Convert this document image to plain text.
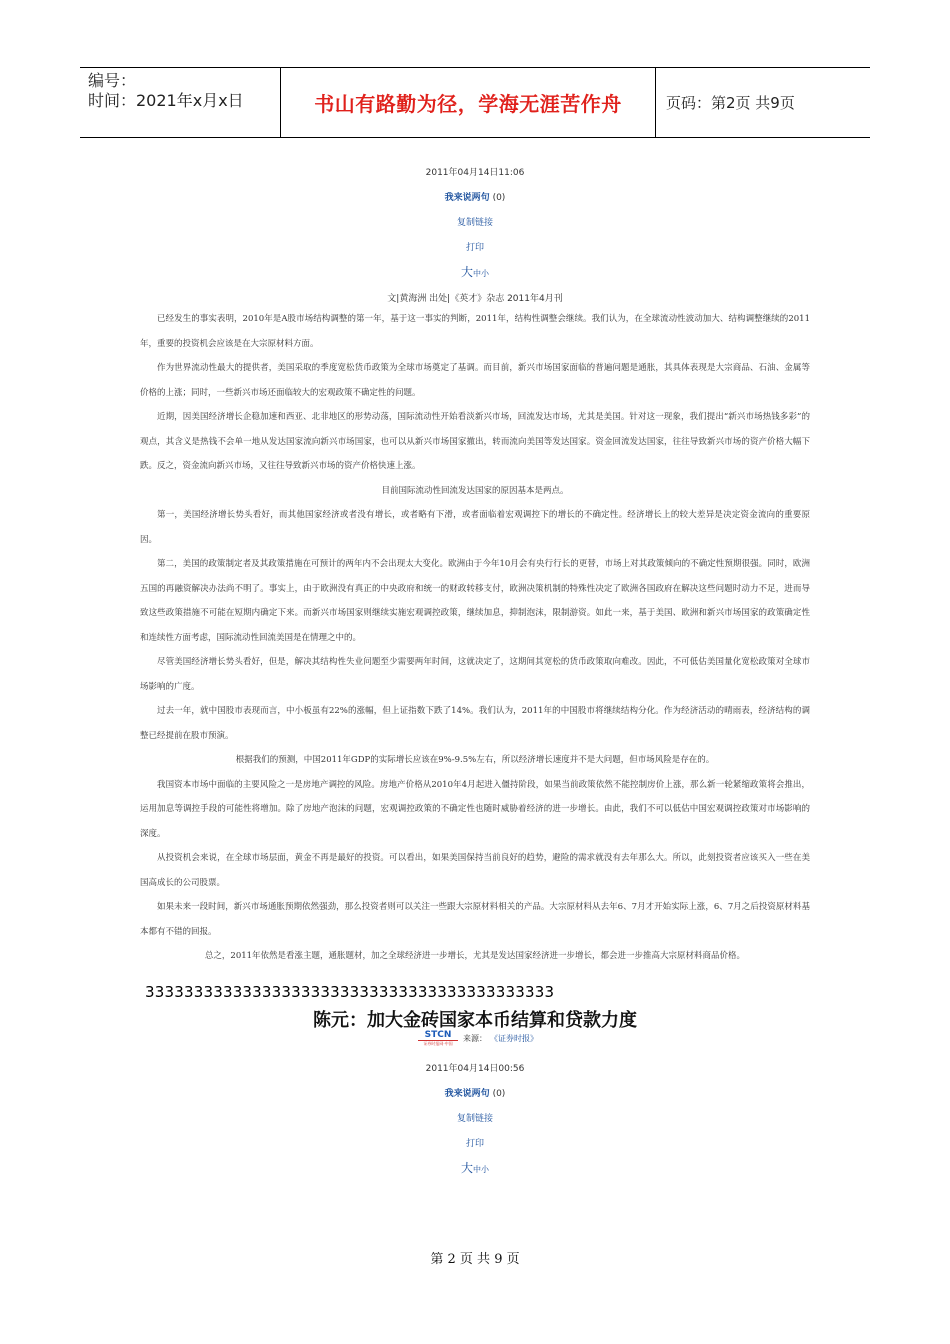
编号：
时间：2021年x月x日	书山有路勤为径，学海无涯苦作舟	页码：第2页 共9页
2011年04月14日11:06
我来说两句 (0)
复制链接
打印
大中小
文|黄海洲 出处|《英才》杂志 2011年4月刊

已经发生的事实表明，2010年是A股市场结构调整的第一年，基于这一事实的判断，2011年，结构性调整会继续。我们认为，在全球流动性波动加大、结构调整继续的2011年，重要的投资机会应该是在大宗原材料方面。

作为世界流动性最大的提供者，美国采取的季度宽松货币政策为全球市场奠定了基调。而目前，新兴市场国家面临的普遍问题是通胀，其具体表现是大宗商品、石油、金属等价格的上涨；同时，一些新兴市场还面临较大的宏观政策不确定性的问题。

近期，因美国经济增长企稳加速和西亚、北非地区的形势动荡，国际流动性开始看淡新兴市场，回流发达市场，尤其是美国。针对这一现象，我们提出“新兴市场热钱多彩”的观点，其含义是热钱不会单一地从发达国家流向新兴市场国家，也可以从新兴市场国家撤出，转而流向美国等发达国家。资金回流发达国家，往往导致新兴市场的资产价格大幅下跌。反之，资金流向新兴市场，又往往导致新兴市场的资产价格快速上涨。

目前国际流动性回流发达国家的原因基本是两点。

第一，美国经济增长势头看好，而其他国家经济或者没有增长，或者略有下滑，或者面临着宏观调控下的增长的不确定性。经济增长上的较大差异是决定资金流向的重要原因。

第二，美国的政策制定者及其政策措施在可预计的两年内不会出现太大变化。欧洲由于今年10月会有央行行长的更替，市场上对其政策倾向的不确定性预期很强。同时，欧洲五国的再融资解决办法尚不明了。事实上，由于欧洲没有真正的中央政府和统一的财政转移支付，欧洲决策机制的特殊性决定了欧洲各国政府在解决这些问题时动力不足，进而导致这些政策措施不可能在短期内确定下来。而新兴市场国家则继续实施宏观调控政策，继续加息，抑制泡沫，限制游资。如此一来，基于美国、欧洲和新兴市场国家的政策确定性和连续性方面考虑，国际流动性回流美国是在情理之中的。

尽管美国经济增长势头看好，但是，解决其结构性失业问题至少需要两年时间，这就决定了，这期间其宽松的货币政策取向难改。因此，不可低估美国量化宽松政策对全球市场影响的广度。

过去一年，就中国股市表现而言，中小板虽有22%的涨幅，但上证指数下跌了14%。我们认为，2011年的中国股市将继续结构分化。作为经济活动的晴雨表，经济结构的调整已经提前在股市预演。

根据我们的预测，中国2011年GDP的实际增长应该在9%-9.5%左右，所以经济增长速度并不是大问题，但市场风险是存在的。

我国资本市场中面临的主要风险之一是房地产调控的风险。房地产价格从2010年4月起进入僵持阶段，如果当前政策依然不能控制房价上涨，那么新一轮紧缩政策将会推出，运用加息等调控手段的可能性将增加。除了房地产泡沫的问题，宏观调控政策的不确定性也随时威胁着经济的进一步增长。由此，我们不可以低估中国宏观调控政策对市场影响的深度。

从投资机会来说，在全球市场层面，黄金不再是最好的投资。可以看出，如果美国保持当前良好的趋势，避险的需求就没有去年那么大。所以，此刻投资者应该买入一些在美国高成长的公司股票。

如果未来一段时间，新兴市场通胀预期依然强劲，那么投资者则可以关注一些跟大宗原材料相关的产品。大宗原材料从去年6、7月才开始实际上涨，6、7月之后投资原材料基本都有不错的回报。

总之，2011年依然是看涨主题，通胀题材，加之全球经济进一步增长，尤其是发达国家经济进一步增长，都会进一步推高大宗原材料商品价格。

333333333333333333333333333333333333333333
陈元：加大金砖国家本币结算和贷款力度
STCN
证券时报网·中国
来源： 《证券时报》
2011年04月14日00:56
我来说两句 (0)
复制链接
打印
大中小
第 2 页 共 9 页
